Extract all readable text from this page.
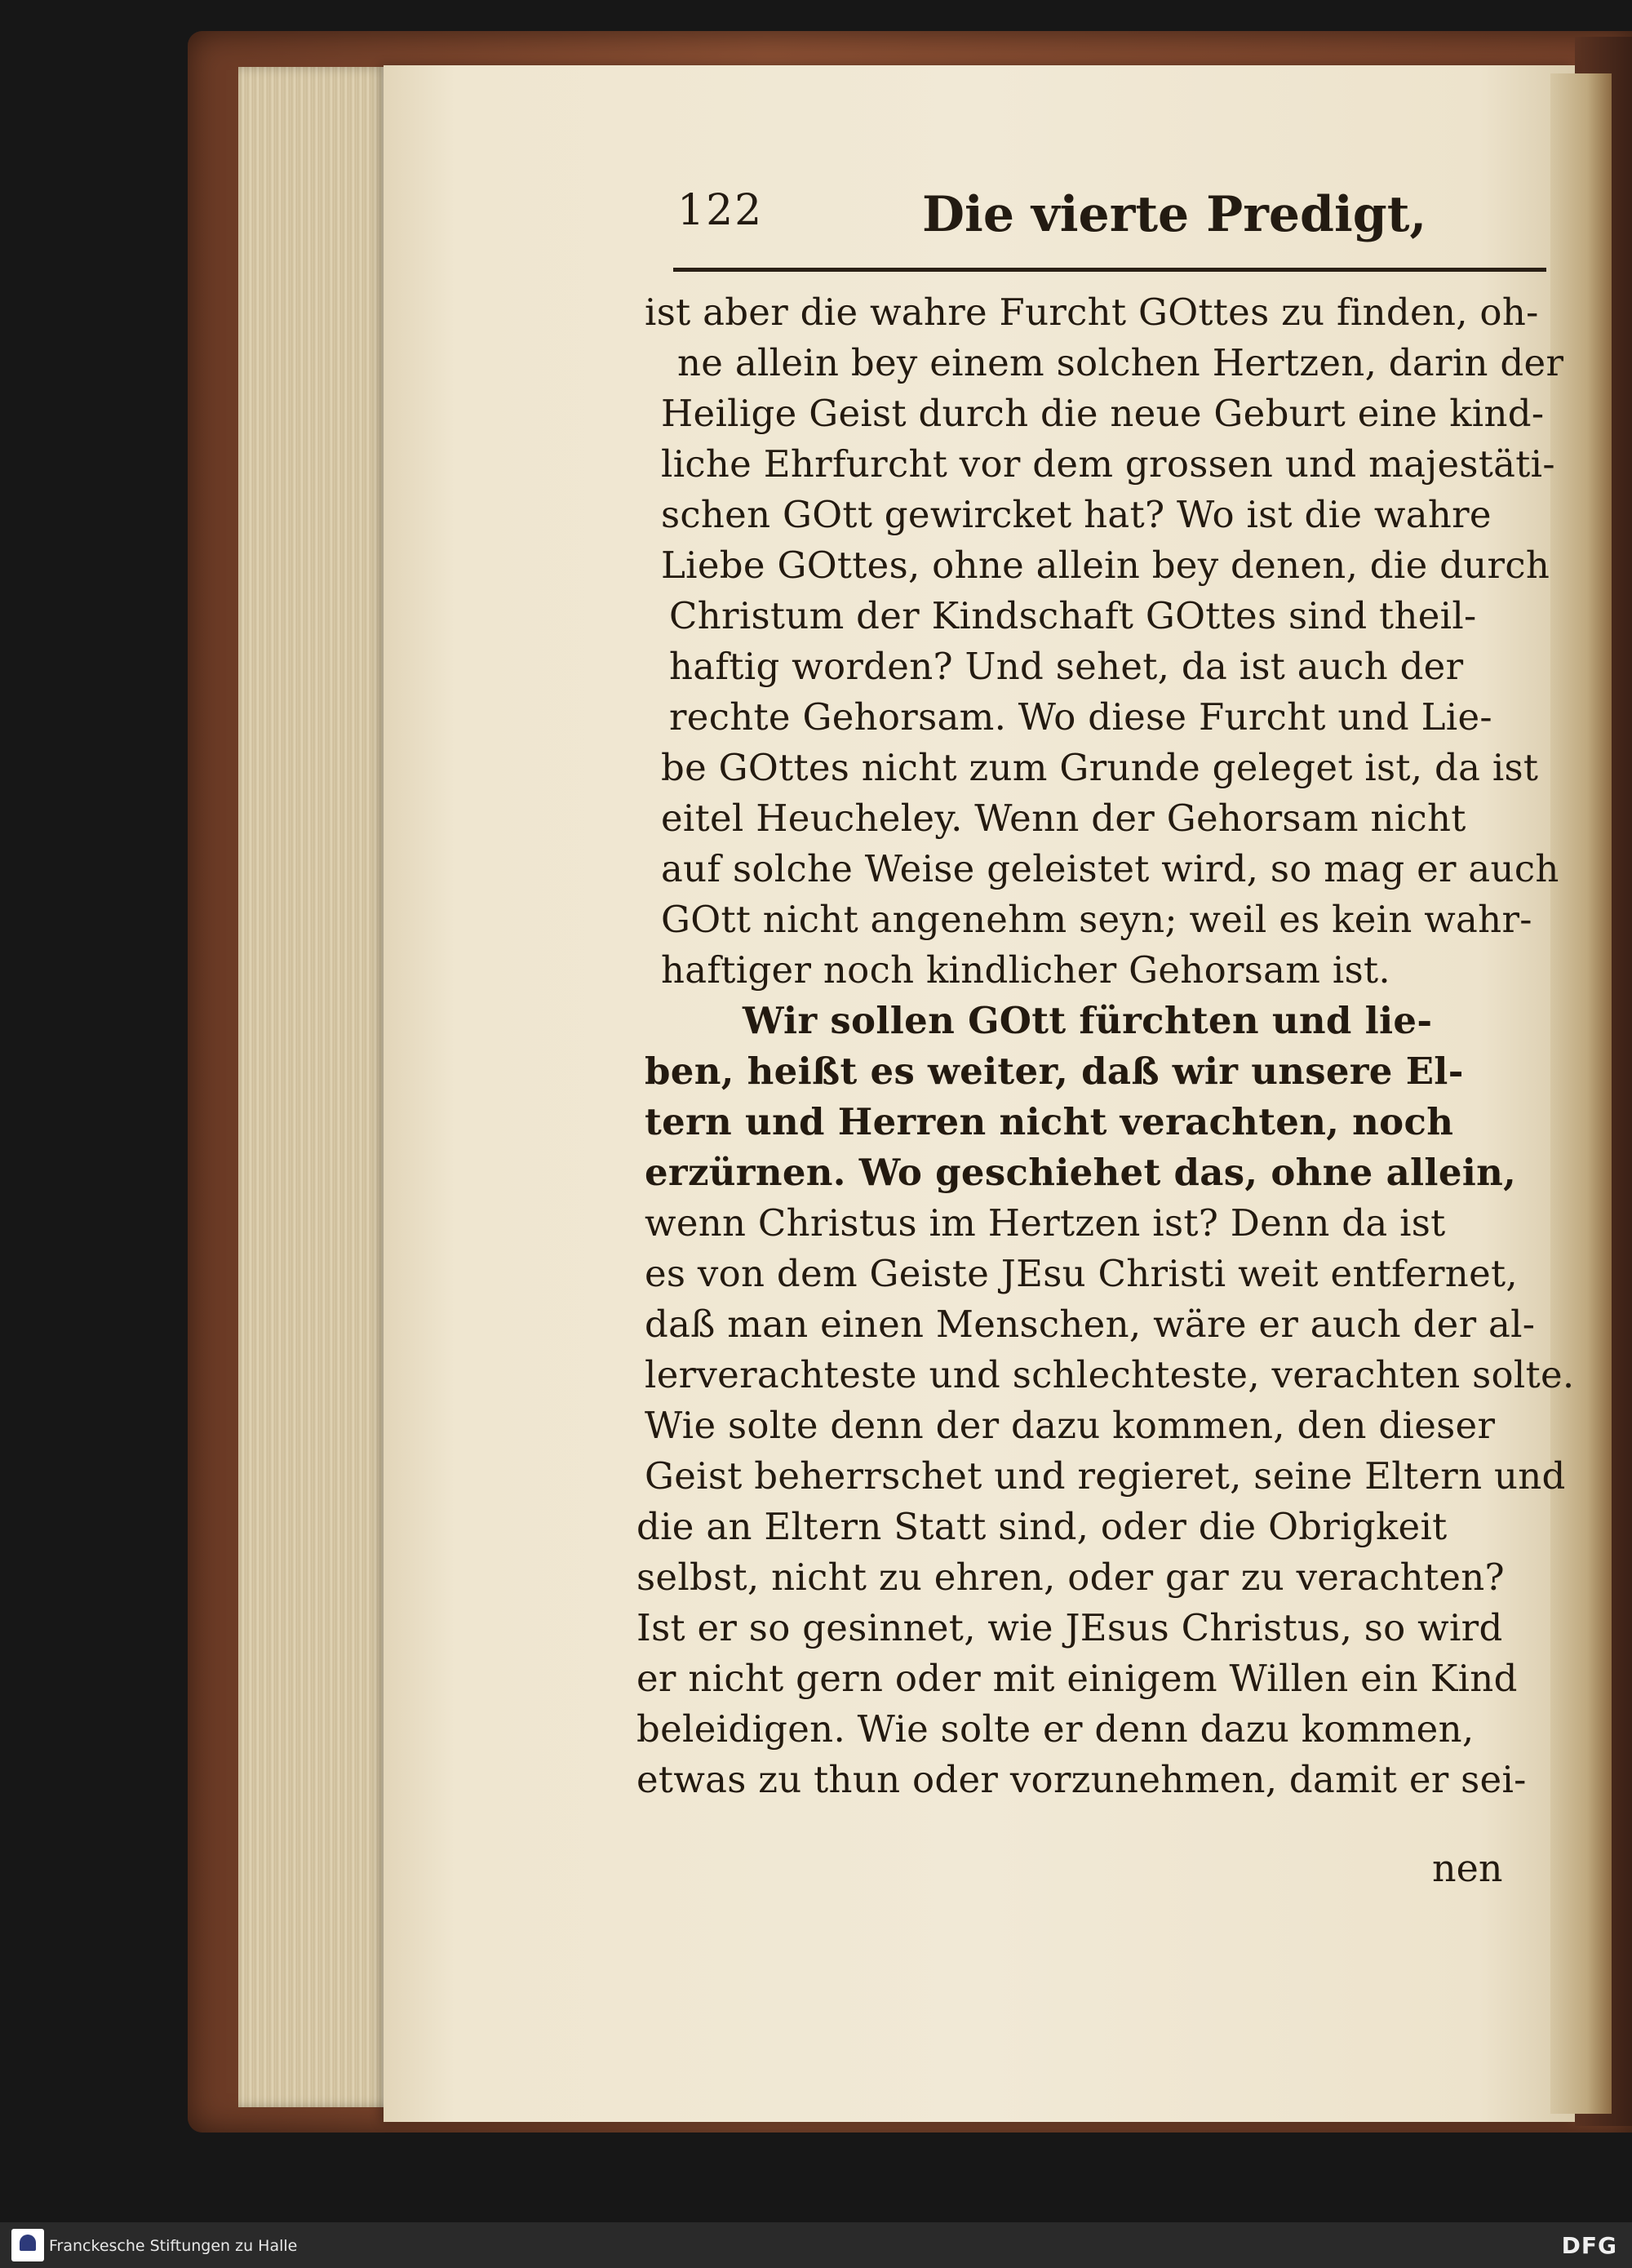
122	Die vierte Predigt,
ist aber die wahre Furcht GOttes zu finden, oh-
ne allein bey einem solchen Hertzen, darin der
Heilige Geist durch die neue Geburt eine kind-
liche Ehrfurcht vor dem grossen und majestäti-
schen GOtt gewircket hat? Wo ist die wahre
Liebe GOttes, ohne allein bey denen, die durch
Christum der Kindschaft GOttes sind theil-
haftig worden? Und sehet, da ist auch der
rechte Gehorsam. Wo diese Furcht und Lie-
be GOttes nicht zum Grunde geleget ist, da ist
eitel Heucheley. Wenn der Gehorsam nicht
auf solche Weise geleistet wird, so mag er auch
GOtt nicht angenehm seyn; weil es kein wahr-
haftiger noch kindlicher Gehorsam ist.
Wir sollen GOtt fürchten und lie-
ben, heißt es weiter, daß wir unsere El-
tern und Herren nicht verachten, noch
erzürnen. Wo geschiehet das, ohne allein,
wenn Christus im Hertzen ist? Denn da ist
es von dem Geiste JEsu Christi weit entfernet,
daß man einen Menschen, wäre er auch der al-
lerverachteste und schlechteste, verachten solte.
Wie solte denn der dazu kommen, den dieser
Geist beherrschet und regieret, seine Eltern und
die an Eltern Statt sind, oder die Obrigkeit
selbst, nicht zu ehren, oder gar zu verachten?
Ist er so gesinnet, wie JEsus Christus, so wird
er nicht gern oder mit einigem Willen ein Kind
beleidigen. Wie solte er denn dazu kommen,
etwas zu thun oder vorzunehmen, damit er sei-
nen
Franckesche Stiftungen zu Halle	DFG
